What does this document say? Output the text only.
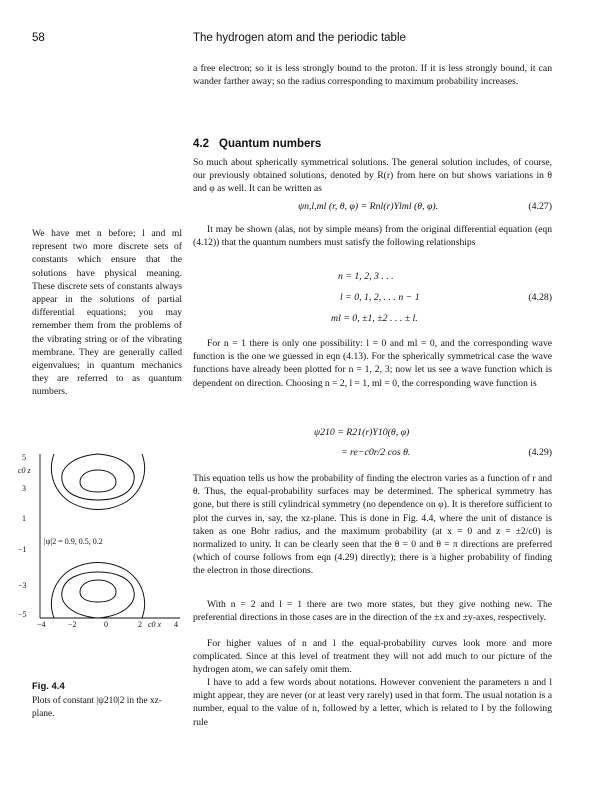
58	The hydrogen atom and the periodic table

a free electron; so it is less strongly bound to the proton. If it is less strongly bound, it can wander farther away; so the radius corresponding to maximum probability increases.

4.2 Quantum numbers

So much about spherically symmetrical solutions. The general solution includes, of course, our previously obtained solutions, denoted by R(r) from here on but shows variations in θ and φ as well. It can be written as

ψn,l,ml (r, θ, φ) = Rnl(r)Ylml (θ, φ).	(4.27)

It may be shown (alas, not by simple means) from the original differential equation (eqn (4.12)) that the quantum numbers must satisfy the following relationships

n = 1, 2, 3 . . .
l = 0, 1, 2, . . . n − 1	(4.28)
ml = 0, ±1, ±2 . . . ± l.

For n = 1 there is only one possibility: l = 0 and ml = 0, and the corresponding wave function is the one we guessed in eqn (4.13). For the spherically symmetrical case the wave functions have already been plotted for n = 1, 2, 3; now let us see a wave function which is dependent on direction. Choosing n = 2, l = 1, ml = 0, the corresponding wave function is

ψ210 = R21(r)Y10(θ, φ)
= re−c0r/2 cos θ.	(4.29)

This equation tells us how the probability of finding the electron varies as a function of r and θ. Thus, the equal-probability surfaces may be determined. The spherical symmetry has gone, but there is still cylindrical symmetry (no dependence on φ). It is therefore sufficient to plot the curves in, say, the xz-plane. This is done in Fig. 4.4, where the unit of distance is taken as one Bohr radius, and the maximum probability (at x = 0 and z = ±2/c0) is normalized to unity. It can be clearly seen that the θ = 0 and θ = π directions are preferred (which of course follows from eqn (4.29) directly); there is a higher probability of finding the electron in those directions.

With n = 2 and l = 1 there are two more states, but they give nothing new. The preferential directions in those cases are in the direction of the ±x and ±y-axes, respectively.

For higher values of n and l the equal-probability curves look more and more complicated. Since at this level of treatment they will not add much to our picture of the hydrogen atom, we can safely omit them.

I have to add a few words about notations. However convenient the parameters n and l might appear, they are never (or at least very rarely) used in that form. The usual notation is a number, equal to the value of n, followed by a letter, which is related to l by the following rule

We have met n before; l and ml represent two more discrete sets of constants which ensure that the solutions have physical meaning. These discrete sets of constants always appear in the solutions of partial differential equations; you may remember them from the problems of the vibrating string or of the vibrating membrane. They are generally called eigenvalues; in quantum mechanics they are referred to as quantum numbers.

5
c0 z
3
1
−1
−3
−5
−4	−2	0	2 c0 x 4
|ψ|2 = 0.9, 0.5, 0.2
Fig. 4.4
Plots of constant |ψ210|2 in the xz-plane.
